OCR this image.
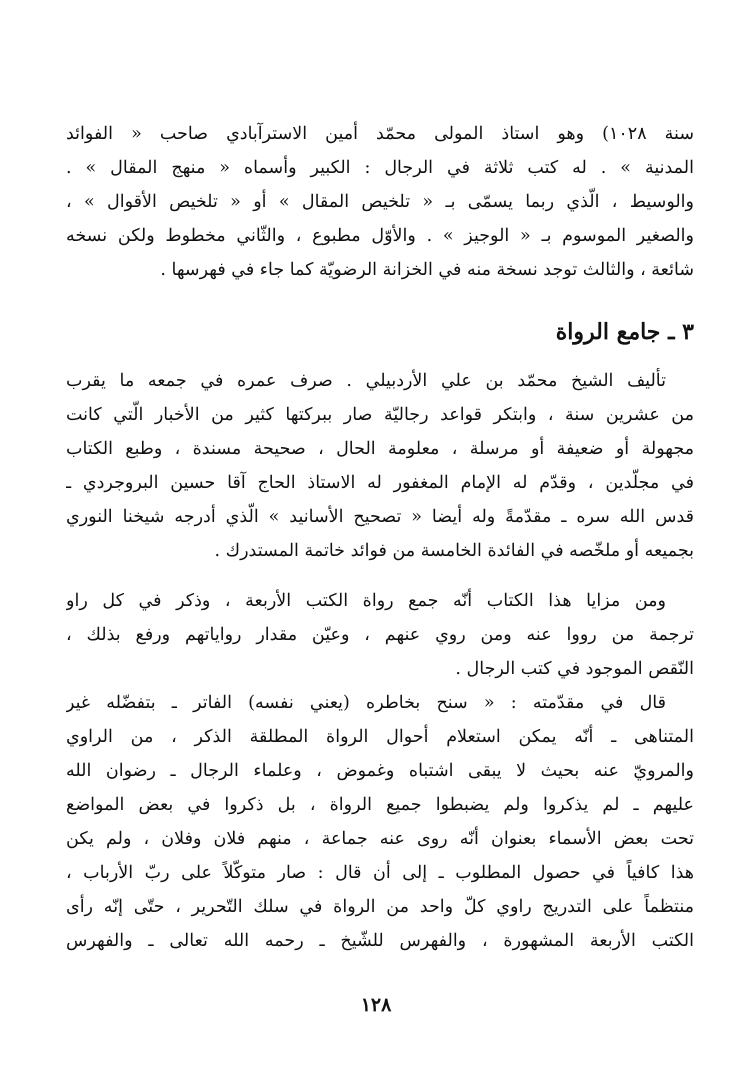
سنة ١٠٢٨) وهو استاذ المولى محمّد أمين الاسترآبادي صاحب « الفوائد
المدنية » . له كتب ثلاثة في الرجال : الكبير وأسماه « منهج المقال » .
والوسيط ، الّذي ربما يسمّى بـ « تلخيص المقال » أو « تلخيص الأقوال » ،
والصغير الموسوم بـ « الوجيز » . والأوّل مطبوع ، والثّاني مخطوط ولكن نسخه
شائعة ، والثالث توجد نسخة منه في الخزانة الرضويّة كما جاء في فهرسها .
٣ ـ جامع الرواة
تأليف الشيخ محمّد بن علي الأردبيلي . صرف عمره في جمعه ما يقرب
من عشرين سنة ، وابتكر قواعد رجاليّة صار ببركتها كثير من الأخبار الّتي كانت
مجهولة أو ضعيفة أو مرسلة ، معلومة الحال ، صحيحة مسندة ، وطبع الكتاب
في مجلّدين ، وقدّم له الإمام المغفور له الاستاذ الحاج آقا حسين البروجردي ـ
قدس الله سره ـ مقدّمةً وله أيضا « تصحيح الأسانيد » الّذي أدرجه شيخنا النوري
بجميعه أو ملخّصه في الفائدة الخامسة من فوائد خاتمة المستدرك .
ومن مزايا هذا الكتاب أنّه جمع رواة الكتب الأربعة ، وذكر في كل راو
ترجمة من رووا عنه ومن روي عنهم ، وعيّن مقدار رواياتهم ورفع بذلك ،
النّقص الموجود في كتب الرجال .
قال في مقدّمته : « سنح بخاطره (يعني نفسه) الفاتر ـ بتفضّله غير
المتناهى ـ أنّه يمكن استعلام أحوال الرواة المطلقة الذكر ، من الراوي
والمرويّ عنه بحيث لا يبقى اشتباه وغموض ، وعلماء الرجال ـ رضوان الله
عليهم ـ لم يذكروا ولم يضبطوا جميع الرواة ، بل ذكروا في بعض المواضع
تحت بعض الأسماء بعنوان أنّه روى عنه جماعة ، منهم فلان وفلان ، ولم يكن
هذا كافياً في حصول المطلوب ـ إلى أن قال : صار متوكّلاً على ربّ الأرباب ،
منتظماً على التدريج راوي كلّ واحد من الرواة في سلك التّحرير ، حتّى إنّه رأى
الكتب الأربعة المشهورة ، والفهرس للشّيخ ـ رحمه الله تعالى ـ والفهرس
١٢٨
